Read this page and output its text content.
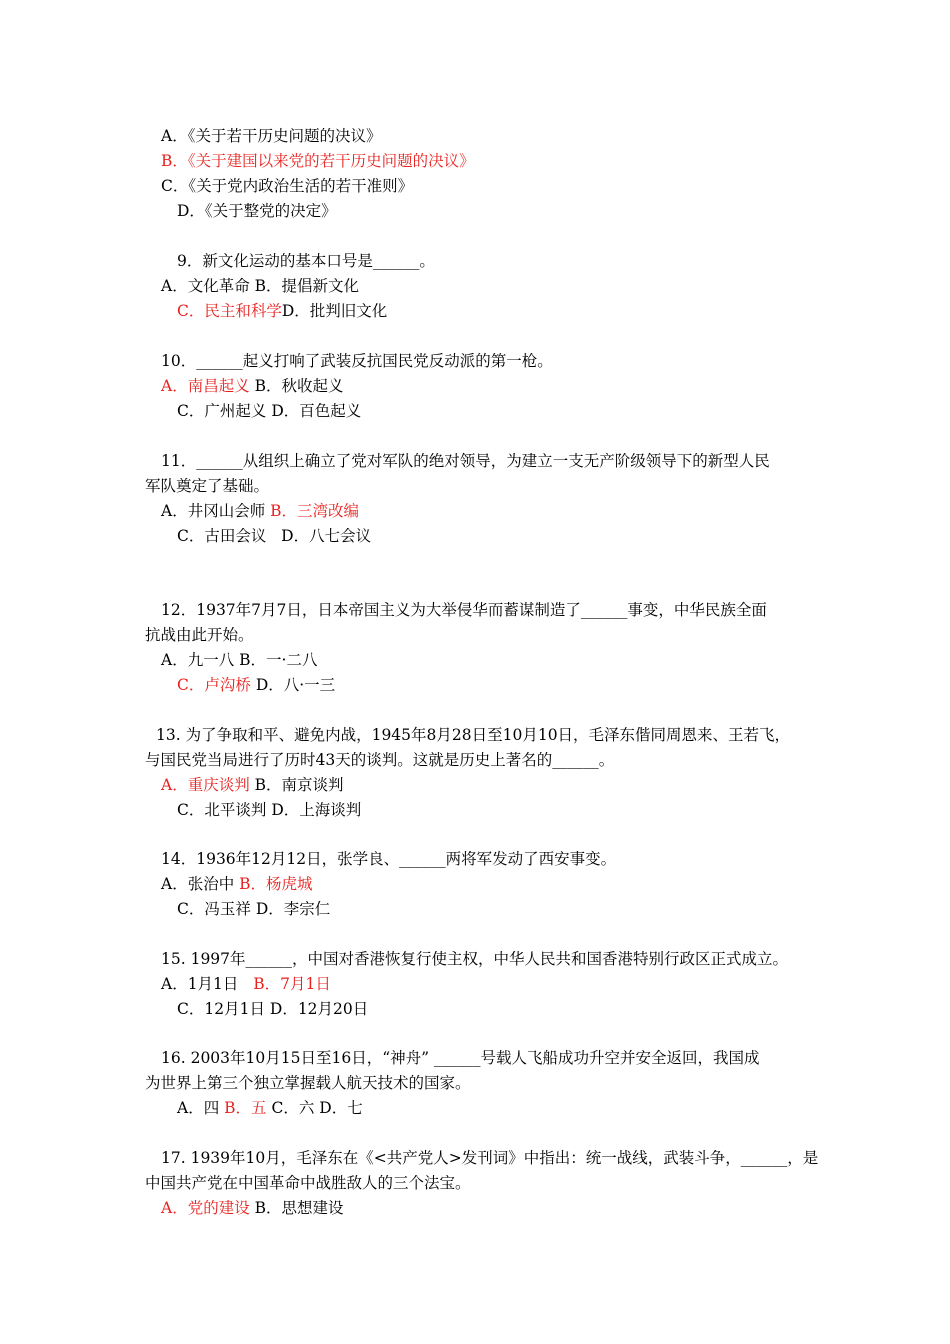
A．《关于若干历史问题的决议》
B．《关于建国以来党的若干历史问题的决议》
C．《关于党内政治生活的若干准则》
D．《关于整党的决定》
9．新文化运动的基本口号是______。
A．文化革命 B．提倡新文化
C．民主和科学D．批判旧文化
10．______起义打响了武装反抗国民党反动派的第一枪。
A．南昌起义 B．秋收起义
C．广州起义 D．百色起义
11．______从组织上确立了党对军队的绝对领导，为建立一支无产阶级领导下的新型人民
军队奠定了基础。
A．井冈山会师 B．三湾改编
C．古田会议 D．八七会议
12．1937年7月7日，日本帝国主义为大举侵华而蓄谋制造了______事变，中华民族全面
抗战由此开始。
A．九一八 B．一·二八
C．卢沟桥 D．八·一三
13. 为了争取和平、避免内战，1945年8月28日至10月10日，毛泽东偕同周恩来、王若飞，
与国民党当局进行了历时43天的谈判。这就是历史上著名的______。
A．重庆谈判 B．南京谈判
C．北平谈判 D．上海谈判
14．1936年12月12日，张学良、______两将军发动了西安事变。
A．张治中 B．杨虎城
C．冯玉祥 D．李宗仁
15. 1997年______，中国对香港恢复行使主权，中华人民共和国香港特别行政区正式成立。
A．1月1日 B．7月1日
C．12月1日 D．12月20日
16. 2003年10月15日至16日，“神舟” ______号载人飞船成功升空并安全返回，我国成
为世界上第三个独立掌握载人航天技术的国家。
A．四 B．五 C．六 D．七
17. 1939年10月，毛泽东在《<共产党人>发刊词》中指出：统一战线，武装斗争，______，是
中国共产党在中国革命中战胜敌人的三个法宝。
A．党的建设 B．思想建设
